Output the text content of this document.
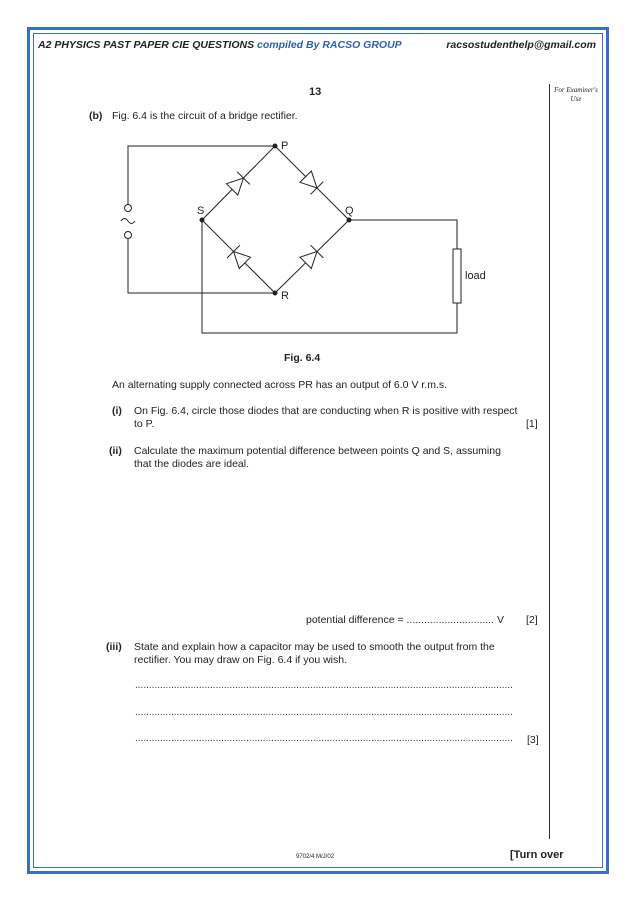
A2 PHYSICS PAST PAPER CIE QUESTIONS compiled By RACSO GROUP	racsostudenthelp@gmail.com
13	For Examiner's Use
(b) Fig. 6.4 is the circuit of a bridge rectifier.
P
Q
R
S
load
Fig. 6.4
An alternating supply connected across PR has an output of 6.0 V r.m.s.
(i) On Fig. 6.4, circle those diodes that are conducting when R is positive with respect
to P.	[1]
(ii) Calculate the maximum potential difference between points Q and S, assuming
that the diodes are ideal.
potential difference = .............................. V [2]
(iii) State and explain how a capacitor may be used to smooth the output from the
rectifier. You may draw on Fig. 6.4 if you wish.
........................................................................................................................................
........................................................................................................................................
........................................................................................................................................	[3]
9702/4 M/J/02	[Turn over
